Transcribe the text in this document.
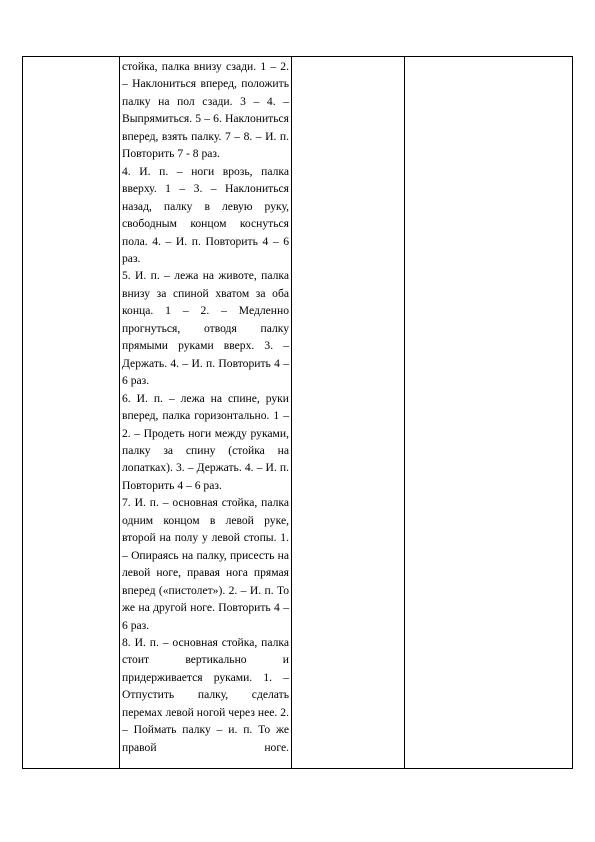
стойка, палка внизу сзади. 1 – 2. – Наклониться вперед, положить палку на пол сзади. 3 – 4. – Выпрямиться. 5 – 6. Наклониться вперед, взять палку. 7 – 8. – И. п. Повторить 7 - 8 раз.

4. И. п. – ноги врозь, палка вверху. 1 – 3. – Наклониться назад, палку в левую руку, свободным концом коснуться пола. 4. – И. п. Повторить 4 – 6 раз.

5. И. п. – лежа на животе, палка внизу за спиной хватом за оба конца. 1 – 2. – Медленно прогнуться, отводя палку прямыми руками вверх. 3. – Держать. 4. – И. п. Повторить 4 – 6 раз.

6. И. п. – лежа на спине, руки вперед, палка горизонтально. 1 – 2. – Продеть ноги между руками, палку за спину (стойка на лопатках). 3. – Держать. 4. – И. п. Повторить 4 – 6 раз.

7. И. п. – основная стойка, палка одним концом в левой руке, второй на полу у левой стопы. 1. – Опираясь на палку, присесть на левой ноге, правая нога прямая вперед («пистолет»). 2. – И. п. То же на другой ноге. Повторить 4 – 6 раз.

8. И. п. – основная стойка, палка стоит вертикально и придерживается руками. 1. – Отпустить палку, сделать перемах левой ногой через нее. 2. – Поймать палку – и. п. То же правой ноге.
